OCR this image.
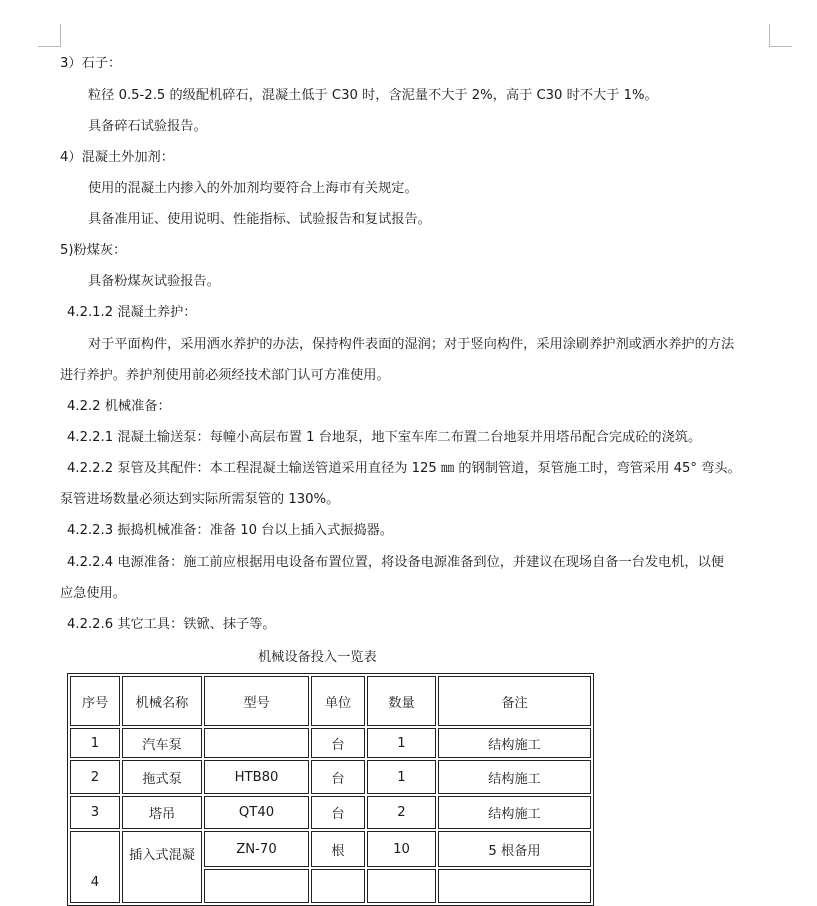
3）石子：
粒径 0.5-2.5 的级配机碎石，混凝土低于 C30 时，含泥量不大于 2%，高于 C30 时不大于 1%。
具备碎石试验报告。
4）混凝土外加剂：
使用的混凝土内掺入的外加剂均要符合上海市有关规定。
具备准用证、使用说明、性能指标、试验报告和复试报告。
5)粉煤灰：
具备粉煤灰试验报告。
4.2.1.2 混凝土养护：
对于平面构件，采用洒水养护的办法，保持构件表面的湿润；对于竖向构件，采用涂刷养护剂或洒水养护的方法
进行养护。养护剂使用前必须经技术部门认可方准使用。
4.2.2 机械准备：
4.2.2.1 混凝土输送泵：每幢小高层布置 1 台地泵，地下室车库二布置二台地泵并用塔吊配合完成砼的浇筑。
4.2.2.2 泵管及其配件：本工程混凝土输送管道采用直径为 125 ㎜ 的钢制管道，泵管施工时，弯管采用 45° 弯头。
泵管进场数量必须达到实际所需泵管的 130%。
4.2.2.3 振捣机械准备：准备 10 台以上插入式振捣器。
4.2.2.4 电源准备：施工前应根据用电设备布置位置，将设备电源准备到位，并建议在现场自备一台发电机，以便
应急使用。
4.2.2.6 其它工具：铁锨、抹子等。
机械设备投入一览表
序号	机械名称	型号	单位	数量	备注
1	汽车泵		台	1	结构施工
2	拖式泵	HTB80	台	1	结构施工
3	塔吊	QT40	台	2	结构施工
4	插入式混凝	ZN-70	根	10	5 根备用
